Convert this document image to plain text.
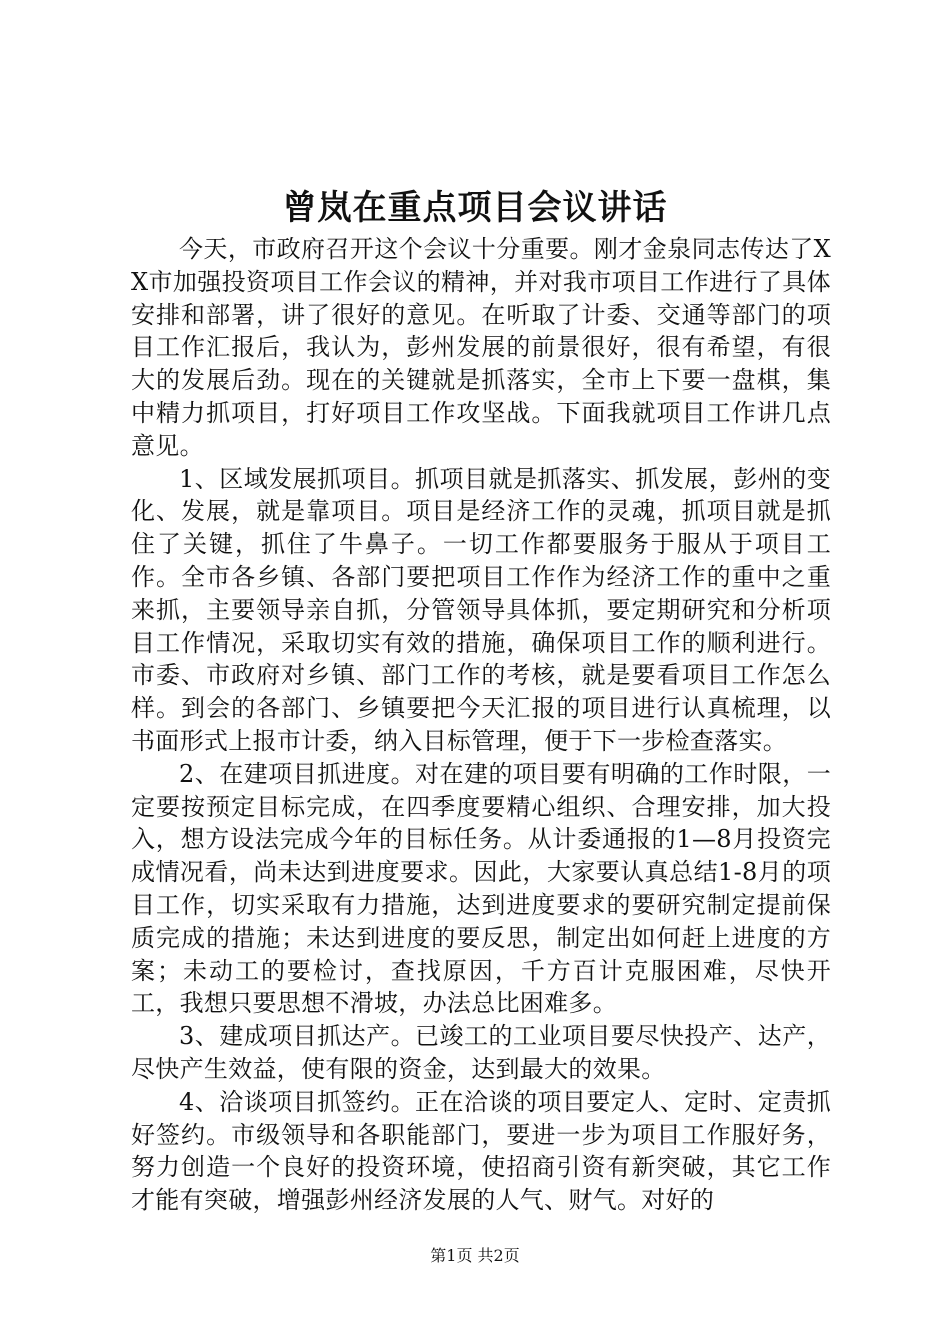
曾岚在重点项目会议讲话

今天，市政府召开这个会议十分重要。刚才金泉同志传达了XX市加强投资项目工作会议的精神，并对我市项目工作进行了具体安排和部署，讲了很好的意见。在听取了计委、交通等部门的项目工作汇报后，我认为，彭州发展的前景很好，很有希望，有很大的发展后劲。现在的关键就是抓落实，全市上下要一盘棋，集中精力抓项目，打好项目工作攻坚战。下面我就项目工作讲几点意见。

1、区域发展抓项目。抓项目就是抓落实、抓发展，彭州的变化、发展，就是靠项目。项目是经济工作的灵魂，抓项目就是抓住了关键，抓住了牛鼻子。一切工作都要服务于服从于项目工作。全市各乡镇、各部门要把项目工作作为经济工作的重中之重来抓，主要领导亲自抓，分管领导具体抓，要定期研究和分析项目工作情况，采取切实有效的措施，确保项目工作的顺利进行。市委、市政府对乡镇、部门工作的考核，就是要看项目工作怎么样。到会的各部门、乡镇要把今天汇报的项目进行认真梳理，以书面形式上报市计委，纳入目标管理，便于下一步检查落实。

2、在建项目抓进度。对在建的项目要有明确的工作时限，一定要按预定目标完成，在四季度要精心组织、合理安排，加大投入，想方设法完成今年的目标任务。从计委通报的1—8月投资完成情况看，尚未达到进度要求。因此，大家要认真总结1-8月的项目工作，切实采取有力措施，达到进度要求的要研究制定提前保质完成的措施；未达到进度的要反思，制定出如何赶上进度的方案；未动工的要检讨，查找原因，千方百计克服困难，尽快开工，我想只要思想不滑坡，办法总比困难多。

3、建成项目抓达产。已竣工的工业项目要尽快投产、达产，尽快产生效益，使有限的资金，达到最大的效果。

4、洽谈项目抓签约。正在洽谈的项目要定人、定时、定责抓好签约。市级领导和各职能部门，要进一步为项目工作服好务，努力创造一个良好的投资环境，使招商引资有新突破，其它工作才能有突破，增强彭州经济发展的人气、财气。对好的

第1页 共2页
